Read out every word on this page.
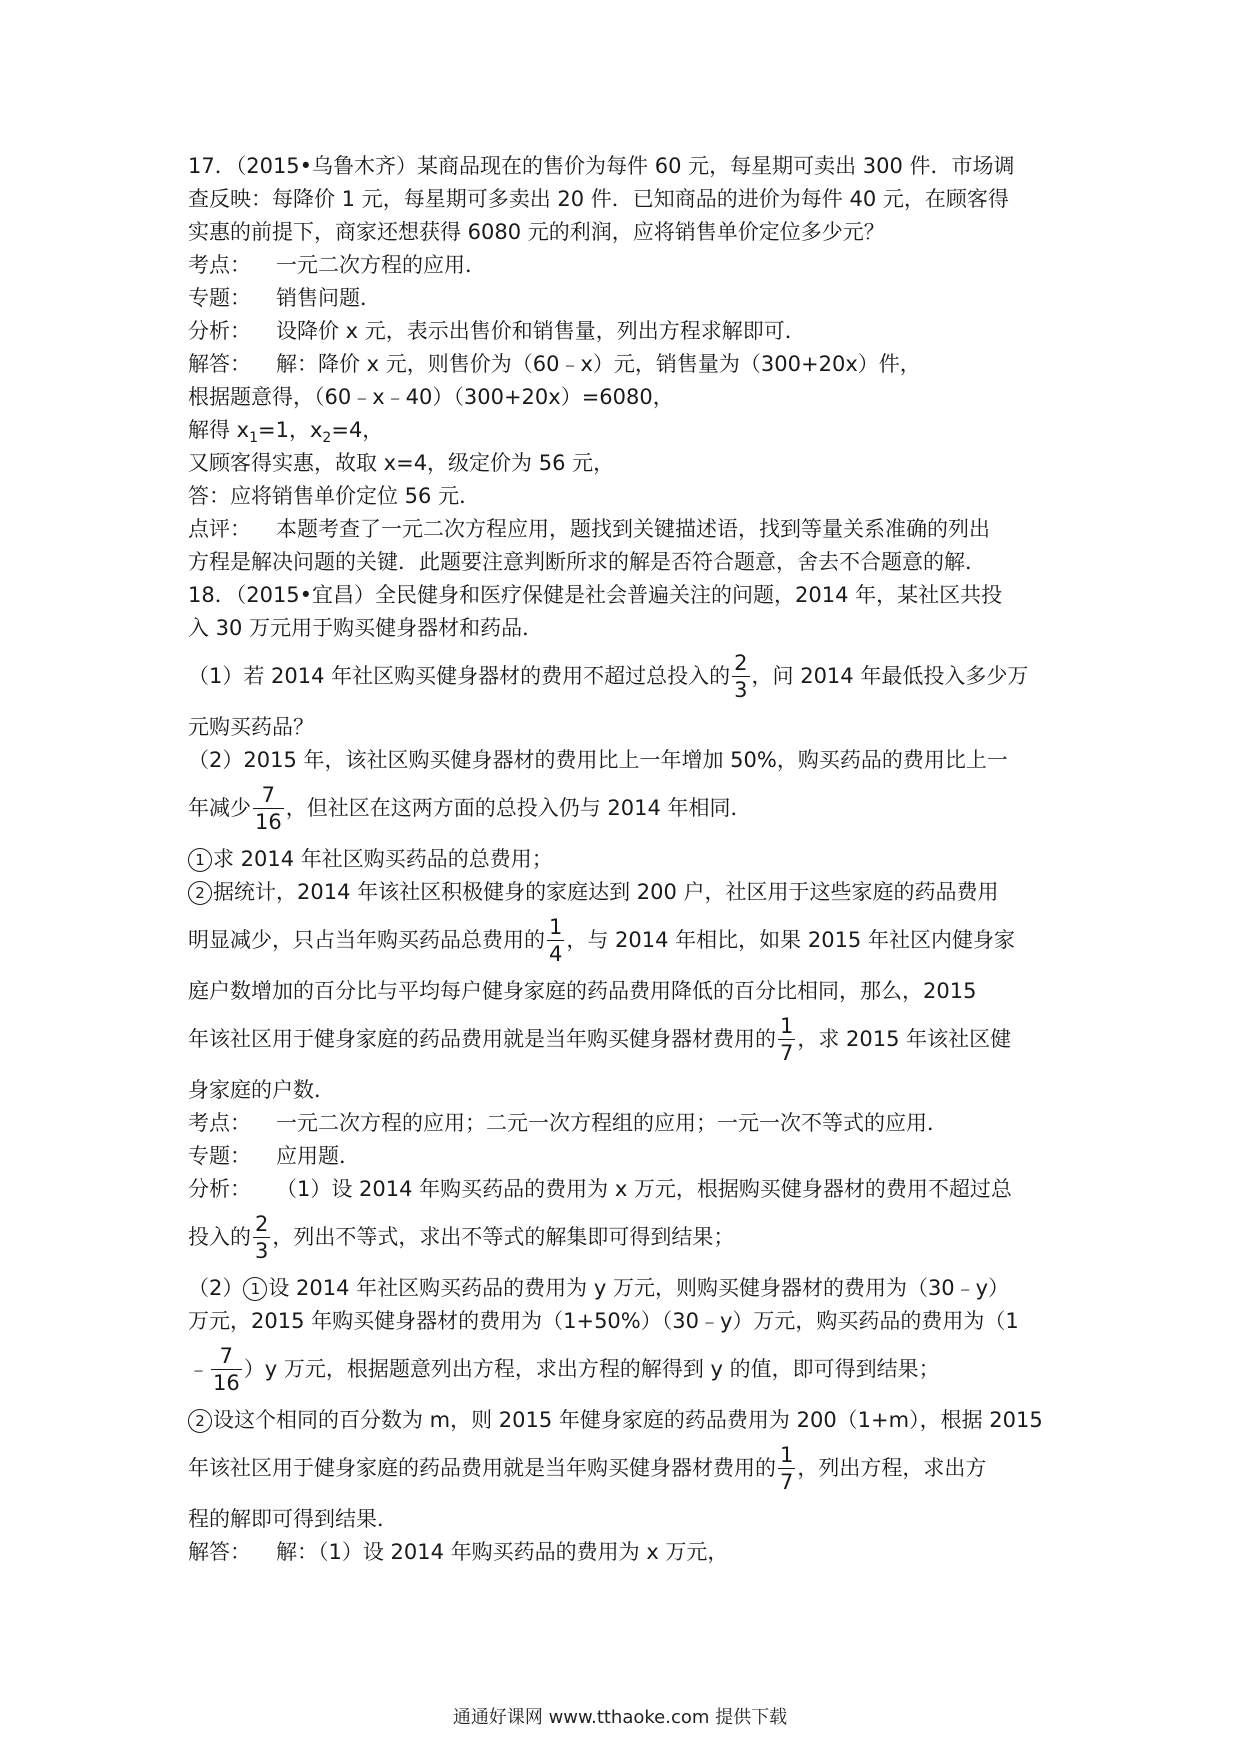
17．（2015•乌鲁木齐）某商品现在的售价为每件 60 元，每星期可卖出 300 件．市场调
查反映：每降价 1 元，每星期可多卖出 20 件．已知商品的进价为每件 40 元，在顾客得
实惠的前提下，商家还想获得 6080 元的利润，应将销售单价定位多少元？
考点： 一元二次方程的应用．
专题： 销售问题．
分析： 设降价 x 元，表示出售价和销售量，列出方程求解即可．
解答： 解：降价 x 元，则售价为（60﹣x）元，销售量为（300+20x）件，
根据题意得，（60﹣x﹣40）（300+20x）=6080，
解得 $x_1=1$，$x_2=4$，
又顾客得实惠，故取 x=4，级定价为 56 元，
答：应将销售单价定位 56 元．
点评： 本题考查了一元二次方程应用，题找到关键描述语，找到等量关系准确的列出
方程是解决问题的关键．此题要注意判断所求的解是否符合题意，舍去不合题意的解．
18．（2015•宜昌）全民健身和医疗保健是社会普遍关注的问题，2014 年，某社区共投
入 30 万元用于购买健身器材和药品．
（1）若 2014 年社区购买健身器材的费用不超过总投入的 $\frac{2}{3}$ ，问 2014 年最低投入多少万
元购买药品？
（2）2015 年，该社区购买健身器材的费用比上一年增加 50%，购买药品的费用比上一
年减少 $\frac{7}{16}$ ，但社区在这两方面的总投入仍与 2014 年相同．
1 求 2014 年社区购买药品的总费用；
2 据统计，2014 年该社区积极健身的家庭达到 200 户，社区用于这些家庭的药品费用
明显减少，只占当年购买药品总费用的 $\frac{1}{4}$ ，与 2014 年相比，如果 2015 年社区内健身家
庭户数增加的百分比与平均每户健身家庭的药品费用降低的百分比相同，那么，2015
年该社区用于健身家庭的药品费用就是当年购买健身器材费用的 $\frac{1}{7}$ ，求 2015 年该社区健
身家庭的户数．
考点： 一元二次方程的应用；二元一次方程组的应用；一元一次不等式的应用．
专题： 应用题．
分析： （1）设 2014 年购买药品的费用为 x 万元，根据购买健身器材的费用不超过总
投入的 $\frac{2}{3}$ ，列出不等式，求出不等式的解集即可得到结果；
（2） 1 设 2014 年社区购买药品的费用为 y 万元，则购买健身器材的费用为（30﹣y）
万元，2015 年购买健身器材的费用为（1+50%）（30﹣y）万元，购买药品的费用为（1
﹣ $\frac{7}{16} )y$ 万元，根据题意列出方程，求出方程的解得到 y 的值，即可得到结果；
2 设这个相同的百分数为 m，则 2015 年健身家庭的药品费用为 200（1+m），根据 2015
年该社区用于健身家庭的药品费用就是当年购买健身器材费用的 $\frac{1}{7}$ ，列出方程，求出方
程的解即可得到结果．
解答： 解：（1）设 2014 年购买药品的费用为 x 万元，
通通好课网 www.tthaoke.com 提供下载
